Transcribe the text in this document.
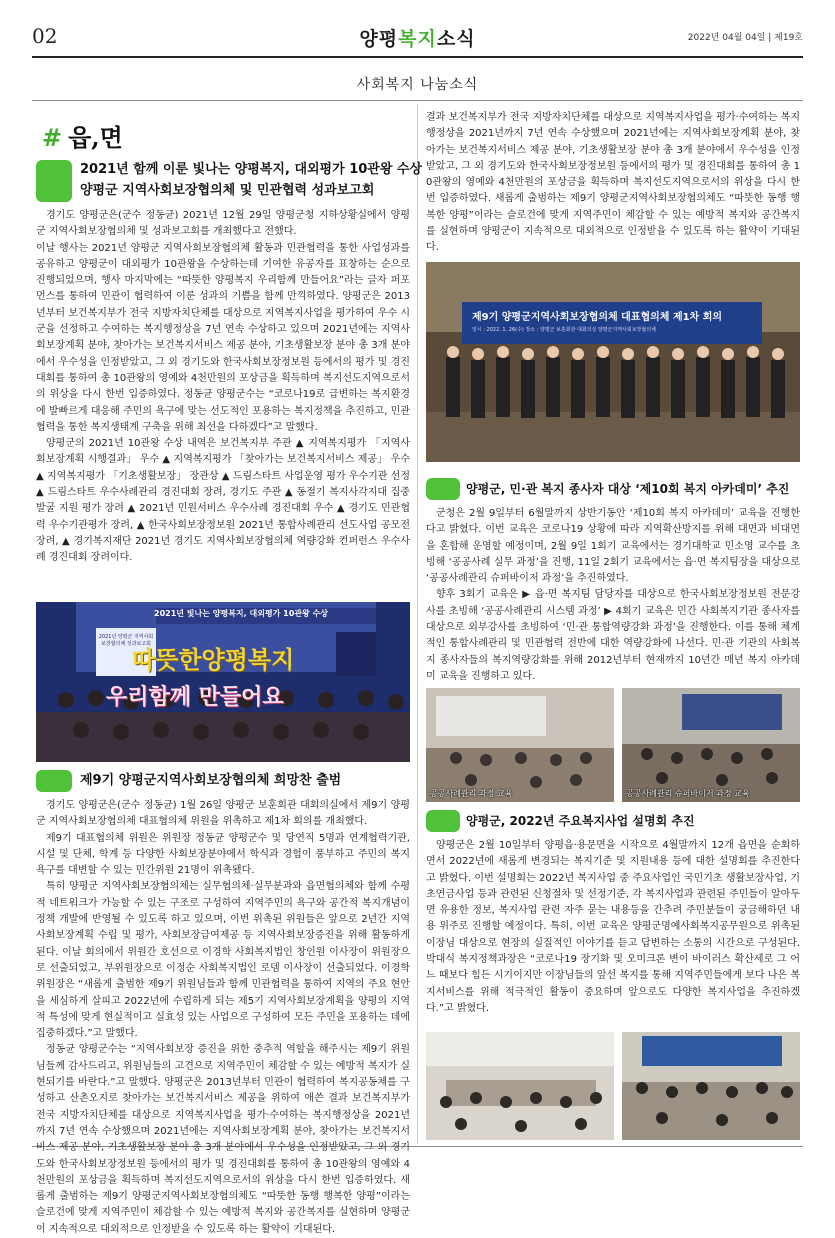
02	양평복지소식	2022년 04월 04일 | 제19호
사회복지 나눔소식
# 읍,면
2021년 함께 이룬 빛나는 양평복지, 대외평가 10관왕 수상
양평군 지역사회보장협의체 및 민관협력 성과보고회

경기도 양평군은(군수 정동균) 2021년 12월 29일 양평군청 지하상황실에서 양평군 지역사회보장협의체 및 성과보고회를 개최했다고 전했다.

이날 행사는 2021년 양평군 지역사회보장협의체 활동과 민관협력을 통한 사업성과를 공유하고 양평군이 대외평가 10관왕을 수상하는데 기여한 유공자를 표창하는 순으로 진행되었으며, 행사 마지막에는 “따뜻한 양평복지 우리함께 만들어요”라는 글자 퍼포먼스를 통하여 민관이 협력하여 이룬 성과의 기쁨을 함께 만끽하였다. 양평군은 2013년부터 보건복지부가 전국 지방자치단체를 대상으로 지역복지사업을 평가하여 우수 시군을 선정하고 수여하는 복지행정상을 7년 연속 수상하고 있으며 2021년에는 지역사회보장계획 분야, 찾아가는 보건복지서비스 제공 분야, 기초생활보장 분야 총 3개 분야에서 우수성을 인정받았고, 그 외 경기도와 한국사회보장정보원 등에서의 평가 및 경진대회를 통하여 총 10관왕의 영예와 4천만원의 포상금을 획득하며 복지선도지역으로서의 위상을 다시 한번 입증하였다. 정동균 양평군수는 “코로나19로 급변하는 복지환경에 발빠르게 대응해 주민의 욕구에 맞는 선도적인 포용하는 복지정책을 추진하고, 민관협력을 통한 복지생태계 구축을 위해 최선을 다하겠다”고 말했다.

양평군의 2021년 10관왕 수상 내역은 보건복지부 주관 ▲ 지역복지평가 「지역사회보장계획 시행결과」 우수 ▲ 지역복지평가 「찾아가는 보건복지서비스 제공」 우수 ▲ 지역복지평가 「기초생활보장」 장관상 ▲ 드림스타트 사업운영 평가 우수기관 선정 ▲ 드림스타트 우수사례관리 경진대회 장려, 경기도 주관 ▲ 동절기 복지사각지대 집중 발굴 지원 평가 장려 ▲ 2021년 민원서비스 우수사례 경진대회 우수 ▲ 경기도 민관협력 우수기관평가 장려, ▲ 한국사회보장정보원 2021년 통합사례관리 선도사업 공모전 장려, ▲ 경기복지재단 2021년 경기도 지역사회보장협의체 역량강화 컨퍼런스 우수사례 경진대회 장려이다.

2021년 빛나는 양평복지, 대외평가 10관왕 수상
2021년 양평군 지역사회보장협의체 성과보고회
따뜻한양평복지
우리함께 만들어요
제9기 양평군지역사회보장협의체 희망찬 출범

경기도 양평군은(군수 정동균) 1월 26일 양평군 보훈회관 대회의실에서 제9기 양평군 지역사회보장협의체 대표협의체 위원을 위촉하고 제1차 회의를 개최했다.

제9기 대표협의체 위원은 위원장 정동균 양평군수 및 당연직 5명과 연계협력기관, 시설 및 단체, 학계 등 다양한 사회보장분야에서 학식과 경험이 풍부하고 주민의 복지욕구를 대변할 수 있는 민간위원 21명이 위촉됐다.

특히 양평군 지역사회보장협의체는 실무협의체·실무분과와 읍면협의체와 함께 수평적 네트워크가 가능할 수 있는 구조로 구성하여 지역주민의 욕구와 공간적 복지개념이 정책 개발에 반영될 수 있도록 하고 있으며, 이번 위촉된 위원들은 앞으로 2년간 지역사회보장계획 수립 및 평가, 사회보장급여제공 등 지역사회보장증진을 위해 활동하게 된다. 이날 회의에서 위원간 호선으로 이경학 사회복지법인 창인원 이사장이 위원장으로 선출되었고, 부위원장으로 이정순 사회복지법인 로뎀 이사장이 선출되었다. 이경학 위원장은 “새롭게 출범한 제9기 위원님들과 함께 민관협력을 통하여 지역의 주요 현안을 세심하게 살피고 2022년에 수립하게 되는 제5기 지역사회보장계획을 양평의 지역적 특성에 맞게 현실적이고 실효성 있는 사업으로 구성하여 모든 주민을 포용하는 데에 집중하겠다.”고 말했다.

정동균 양평군수는 “지역사회보장 증진을 위한 중추적 역할을 해주시는 제9기 위원님들께 감사드리고, 위원님들의 고견으로 지역주민이 체감할 수 있는 예방적 복지가 실현되기를 바란다.”고 말했다. 양평군은 2013년부터 민관이 협력하여 복지공동체를 구성하고 산촌오지로 찾아가는 보건복지서비스 제공을 위하여 애쓴 결과 보건복지부가 전국 지방자치단체를 대상으로 지역복지사업을 평가·수여하는 복지행정상을 2021년까지 7년 연속 수상했으며 2021년에는 지역사회보장계획 분야, 찾아가는 보건복지서비스 제공 분야, 기초생활보장 분야 총 3개 분야에서 우수성을 인정받았고, 그 외 경기도와 한국사회보장정보원 등에서의 평가 및 경진대회를 통하여 총 10관왕의 영예와 4천만원의 포상금을 획득하며 복지선도지역으로서의 위상을 다시 한번 입증하였다. 새롭게 출범하는 제9기 양평군지역사회보장협의체도 “따뜻한 동행 행복한 양평”이라는 슬로건에 맞게 지역주민이 체감할 수 있는 예방적 복지와 공간복지를 실현하며 양평군이 지속적으로 대외적으로 인정받을 수 있도록 하는 활약이 기대된다.

결과 보건복지부가 전국 지방자치단체를 대상으로 지역복지사업을 평가·수여하는 복지행정상을 2021년까지 7년 연속 수상했으며 2021년에는 지역사회보장계획 분야, 찾아가는 보건복지서비스 제공 분야, 기초생활보장 분야 총 3개 분야에서 우수성을 인정받았고, 그 외 경기도와 한국사회보장정보원 등에서의 평가 및 경진대회를 통하여 총 10관왕의 영예와 4천만원의 포상금을 획득하며 복지선도지역으로서의 위상을 다시 한번 입증하였다. 새롭게 출범하는 제9기 양평군지역사회보장협의체도 “따뜻한 동행 행복한 양평”이라는 슬로건에 맞게 지역주민이 체감할 수 있는 예방적 복지와 공간복지를 실현하며 양평군이 지속적으로 대외적으로 인정받을 수 있도록 하는 활약이 기대된다.

제9기 양평군지역사회보장협의체 대표협의체 제1차 회의
일시 : 2022. 1. 26(수) 장소 : 양평군 보훈회관 대회의실 양평군지역사회보장협의체
양평군, 민·관 복지 종사자 대상 ‘제10회 복지 아카데미’ 추진

군청은 2월 9일부터 6월말까지 상반기동안 ‘제10회 복지 아카데미’ 교육을 진행한다고 밝혔다. 이번 교육은 코로나19 상황에 따라 지역확산방지를 위해 대면과 비대면을 혼합해 운영할 예정이며, 2월 9일 1회기 교육에서는 경기대학교 민소영 교수를 초빙해 ‘공공사례 실무 과정’을 진행, 11일 2회기 교육에서는 읍·면 복지팀장을 대상으로 ‘공공사례관리 슈퍼바이저 과정’을 추진하였다.

향후 3회기 교육은 ▶ 읍·면 복지팀 담당자를 대상으로 한국사회보장정보원 전문강사를 초빙해 ‘공공사례관리 시스템 과정’ ▶ 4회기 교육은 민간 사회복지기관 종사자를 대상으로 외부강사를 초빙하여 ‘민·관 통합역량강화 과정’을 진행한다. 이를 통해 체계적인 통합사례관리 및 민관협력 전반에 대한 역량강화에 나선다. 민·관 기관의 사회복지 종사자들의 복지역량강화를 위해 2012년부터 현재까지 10년간 매년 복지 아카데미 교육을 진행하고 있다.

공공사례관리 과정 교육	공공사례관리 슈퍼바이저 과정 교육
양평군, 2022년 주요복지사업 설명회 추진

양평군은 2월 10일부터 양평읍·용문면을 시작으로 4월말까지 12개 읍면을 순회하면서 2022년에 새롭게 변경되는 복지기준 및 지원내용 등에 대한 설명회를 추진한다고 밝혔다. 이번 설명회는 2022년 복지사업 중 주요사업인 국민기초 생활보장사업, 기초연금사업 등과 관련된 신청절차 및 선정기준, 각 복지사업과 관련된 주민들이 알아두면 유용한 정보, 복지사업 관련 자주 묻는 내용등을 간추려 주민분들이 궁금해하던 내용 위주로 진행할 예정이다. 특히, 이번 교육은 양평군명예사회복지공무원으로 위촉된 이장님 대상으로 현장의 실질적인 이야기를 듣고 답변하는 소통의 시간으로 구성된다. 박대식 복지정책과장은 “코로나19 장기화 및 오미크론 변이 바이러스 확산세로 그 어느 때보다 힘든 시기이지만 이장님들의 앞선 복지를 통해 지역주민들에게 보다 나은 복지서비스를 위해 적극적인 활동이 중요하며 앞으로도 다양한 복지사업을 추진하겠다.”고 밝혔다.
